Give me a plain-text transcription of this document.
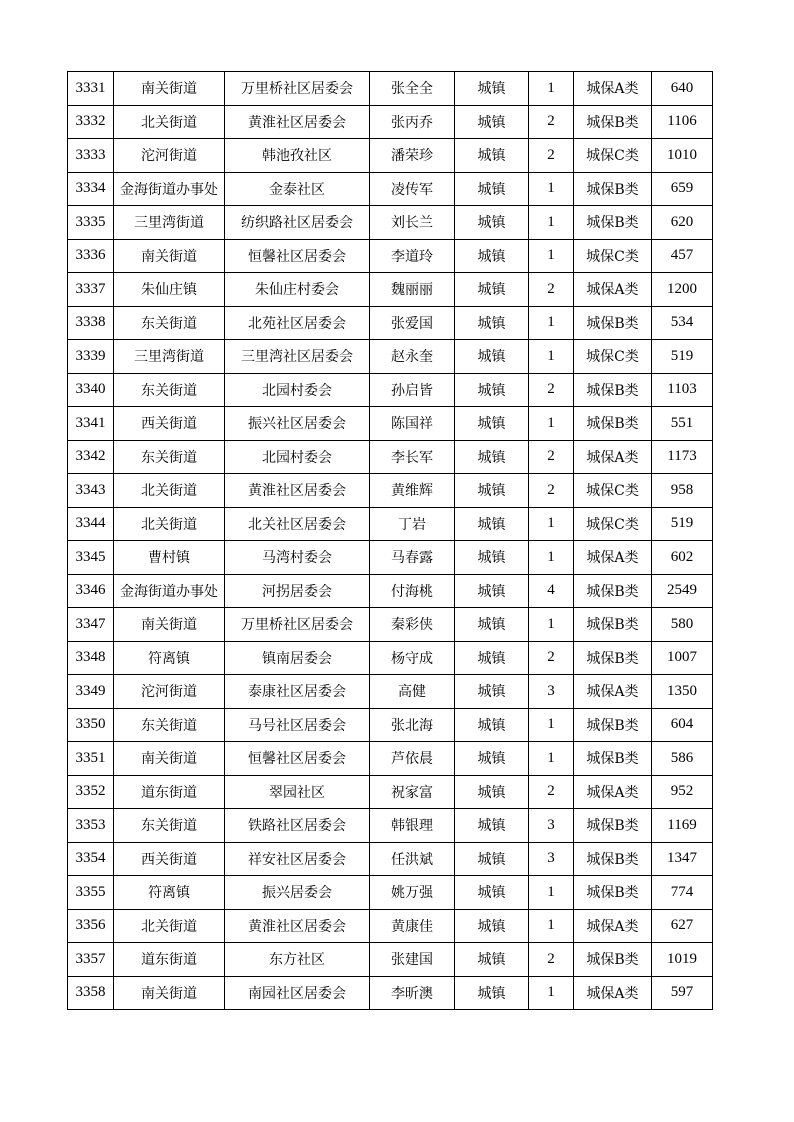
3331	南关街道	万里桥社区居委会	张全全	城镇	1	城保A类	640
3332	北关街道	黄淮社区居委会	张丙乔	城镇	2	城保B类	1106
3333	沱河街道	韩池孜社区	潘荣珍	城镇	2	城保C类	1010
3334	金海街道办事处	金泰社区	凌传军	城镇	1	城保B类	659
3335	三里湾街道	纺织路社区居委会	刘长兰	城镇	1	城保B类	620
3336	南关街道	恒馨社区居委会	李道玲	城镇	1	城保C类	457
3337	朱仙庄镇	朱仙庄村委会	魏丽丽	城镇	2	城保A类	1200
3338	东关街道	北苑社区居委会	张爱国	城镇	1	城保B类	534
3339	三里湾街道	三里湾社区居委会	赵永奎	城镇	1	城保C类	519
3340	东关街道	北园村委会	孙启皆	城镇	2	城保B类	1103
3341	西关街道	振兴社区居委会	陈国祥	城镇	1	城保B类	551
3342	东关街道	北园村委会	李长军	城镇	2	城保A类	1173
3343	北关街道	黄淮社区居委会	黄维辉	城镇	2	城保C类	958
3344	北关街道	北关社区居委会	丁岩	城镇	1	城保C类	519
3345	曹村镇	马湾村委会	马春露	城镇	1	城保A类	602
3346	金海街道办事处	河拐居委会	付海桃	城镇	4	城保B类	2549
3347	南关街道	万里桥社区居委会	秦彩侠	城镇	1	城保B类	580
3348	符离镇	镇南居委会	杨守成	城镇	2	城保B类	1007
3349	沱河街道	泰康社区居委会	高健	城镇	3	城保A类	1350
3350	东关街道	马号社区居委会	张北海	城镇	1	城保B类	604
3351	南关街道	恒馨社区居委会	芦依晨	城镇	1	城保B类	586
3352	道东街道	翠园社区	祝家富	城镇	2	城保A类	952
3353	东关街道	铁路社区居委会	韩银理	城镇	3	城保B类	1169
3354	西关街道	祥安社区居委会	任洪斌	城镇	3	城保B类	1347
3355	符离镇	振兴居委会	姚万强	城镇	1	城保B类	774
3356	北关街道	黄淮社区居委会	黄康佳	城镇	1	城保A类	627
3357	道东街道	东方社区	张建国	城镇	2	城保B类	1019
3358	南关街道	南园社区居委会	李昕澳	城镇	1	城保A类	597
